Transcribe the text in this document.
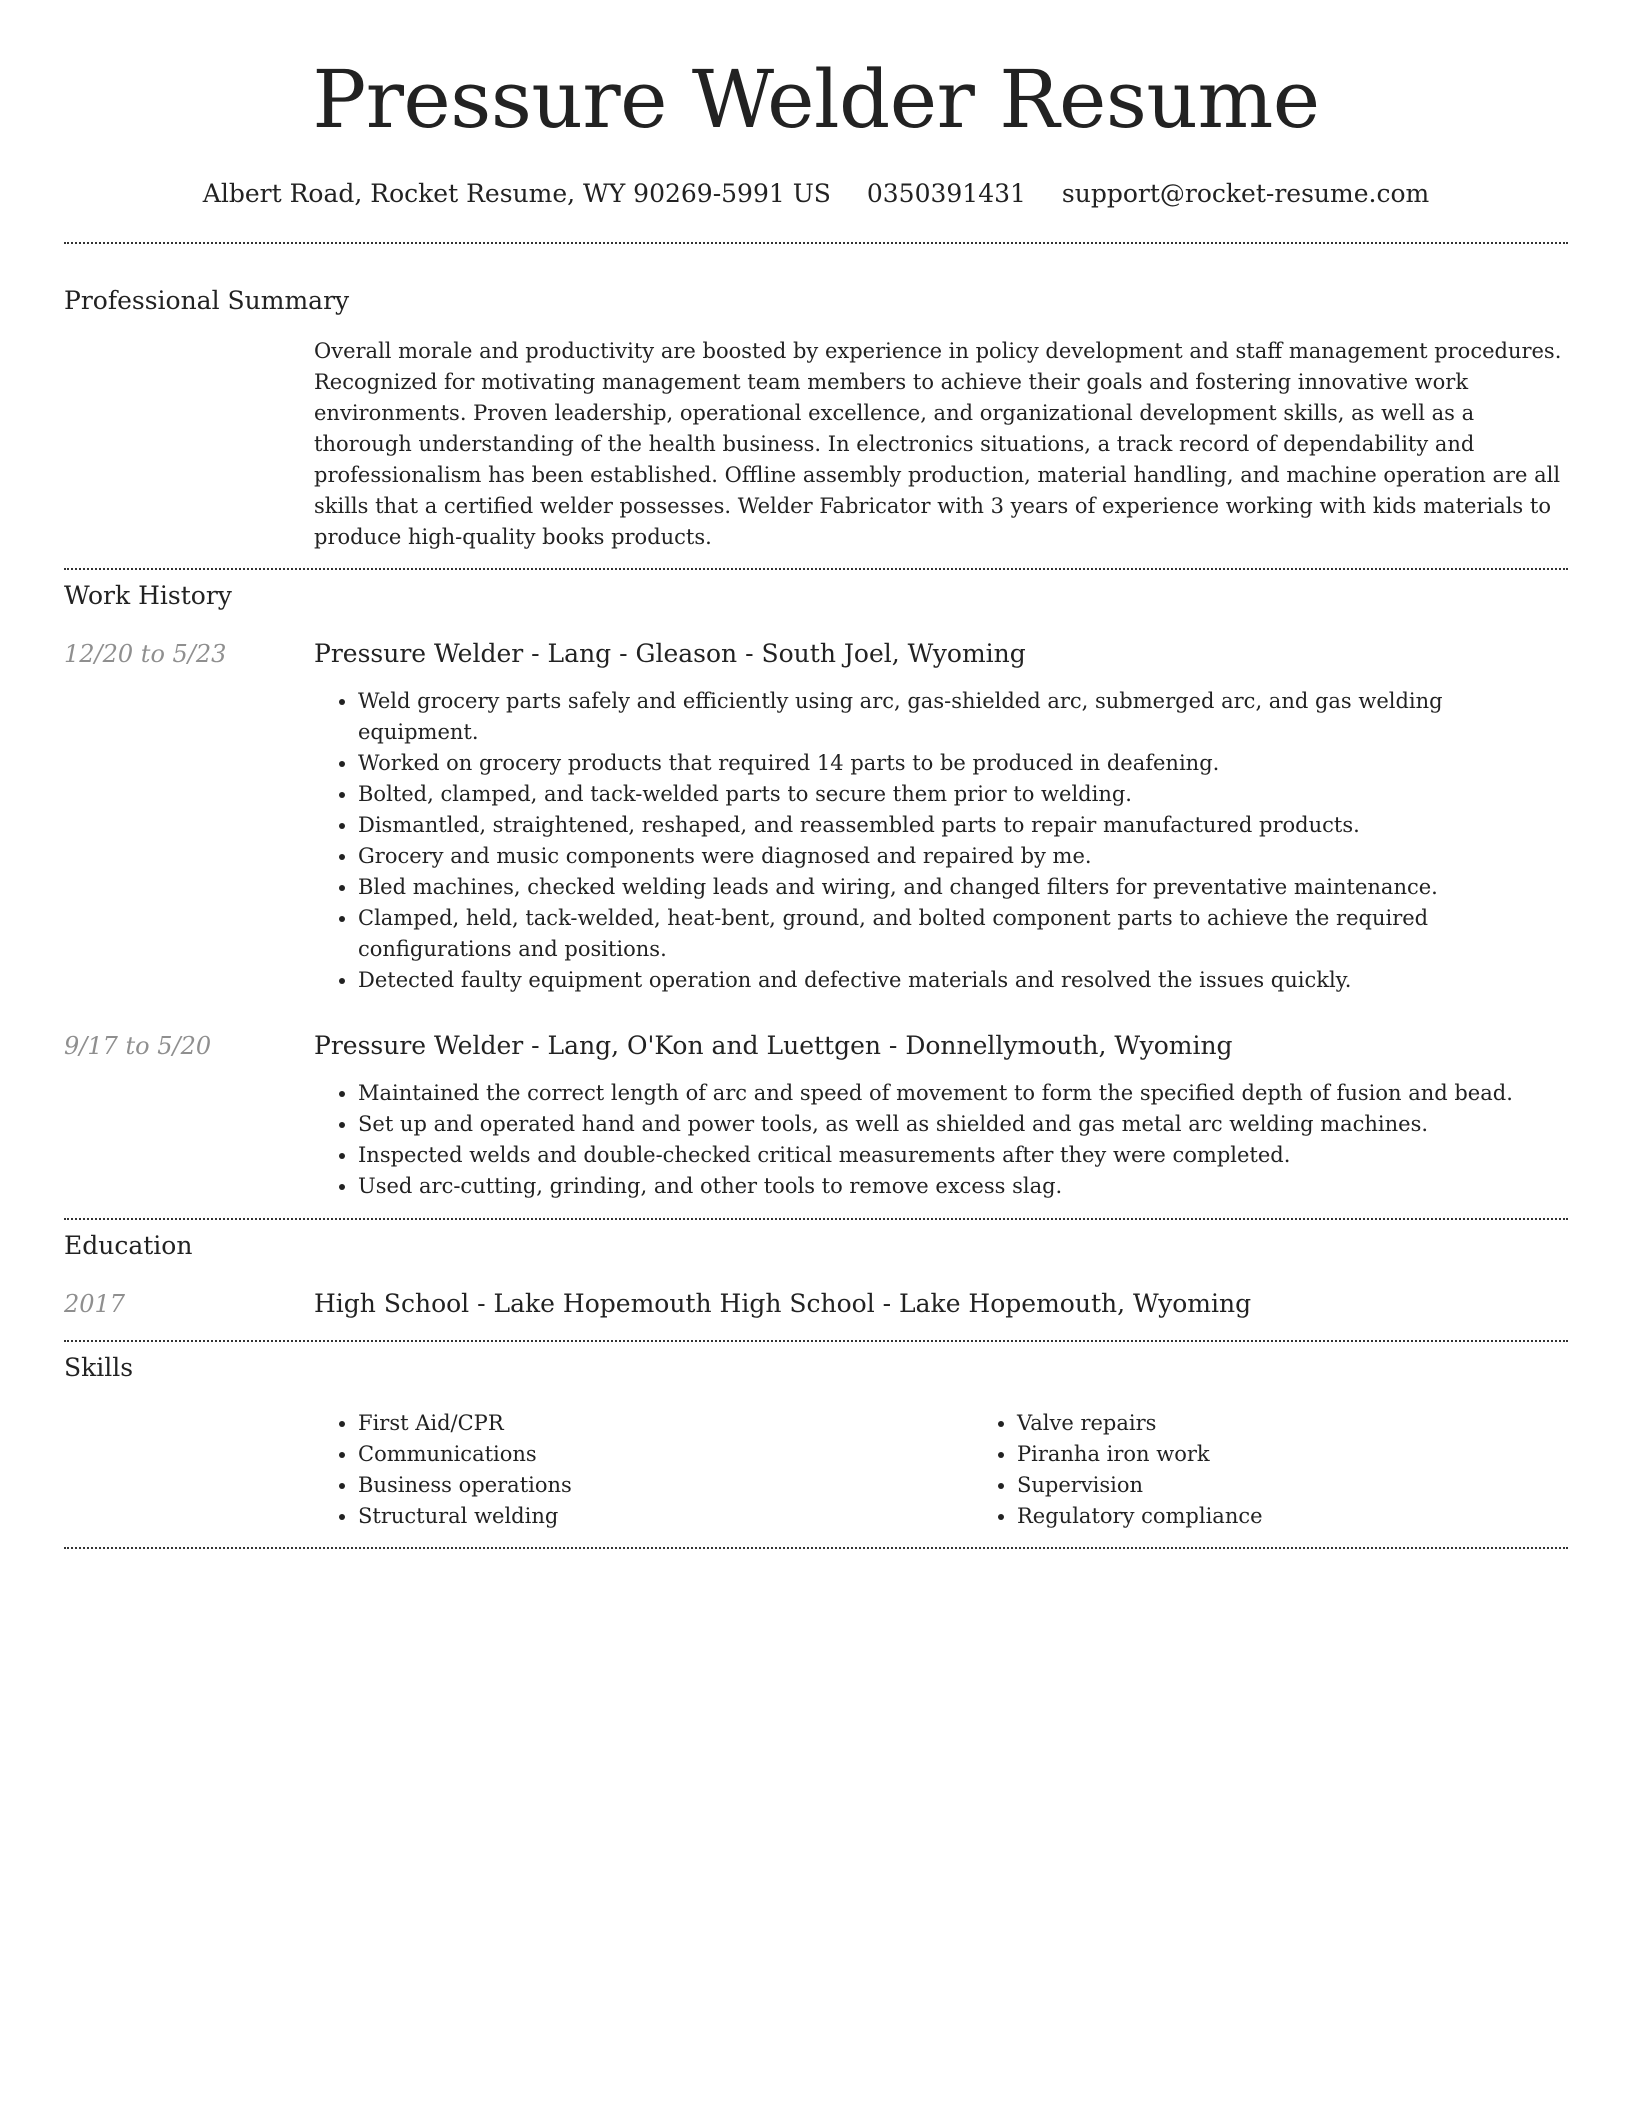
Pressure Welder Resume
Albert Road, Rocket Resume, WY 90269-5991 US 0350391431 support@rocket-resume.com
Professional Summary

Overall morale and productivity are boosted by experience in policy development and staff management procedures. Recognized for motivating management team members to achieve their goals and fostering innovative work environments. Proven leadership, operational excellence, and organizational development skills, as well as a thorough understanding of the health business. In electronics situations, a track record of dependability and professionalism has been established. Offline assembly production, material handling, and machine operation are all skills that a certified welder possesses. Welder Fabricator with 3 years of experience working with kids materials to produce high-quality books products.

Work History
12/20 to 5/23	Pressure Welder - Lang - Gleason - South Joel, Wyoming
• Weld grocery parts safely and efficiently using arc, gas-shielded arc, submerged arc, and gas welding equipment.
• Worked on grocery products that required 14 parts to be produced in deafening.
• Bolted, clamped, and tack-welded parts to secure them prior to welding.
• Dismantled, straightened, reshaped, and reassembled parts to repair manufactured products.
• Grocery and music components were diagnosed and repaired by me.
• Bled machines, checked welding leads and wiring, and changed filters for preventative maintenance.
• Clamped, held, tack-welded, heat-bent, ground, and bolted component parts to achieve the required configurations and positions.
• Detected faulty equipment operation and defective materials and resolved the issues quickly.
9/17 to 5/20	Pressure Welder - Lang, O'Kon and Luettgen - Donnellymouth, Wyoming
• Maintained the correct length of arc and speed of movement to form the specified depth of fusion and bead.
• Set up and operated hand and power tools, as well as shielded and gas metal arc welding machines.
• Inspected welds and double-checked critical measurements after they were completed.
• Used arc-cutting, grinding, and other tools to remove excess slag.
Education
2017	High School - Lake Hopemouth High School - Lake Hopemouth, Wyoming
Skills
• First Aid/CPR
• Communications
• Business operations
• Structural welding
• Valve repairs
• Piranha iron work
• Supervision
• Regulatory compliance
